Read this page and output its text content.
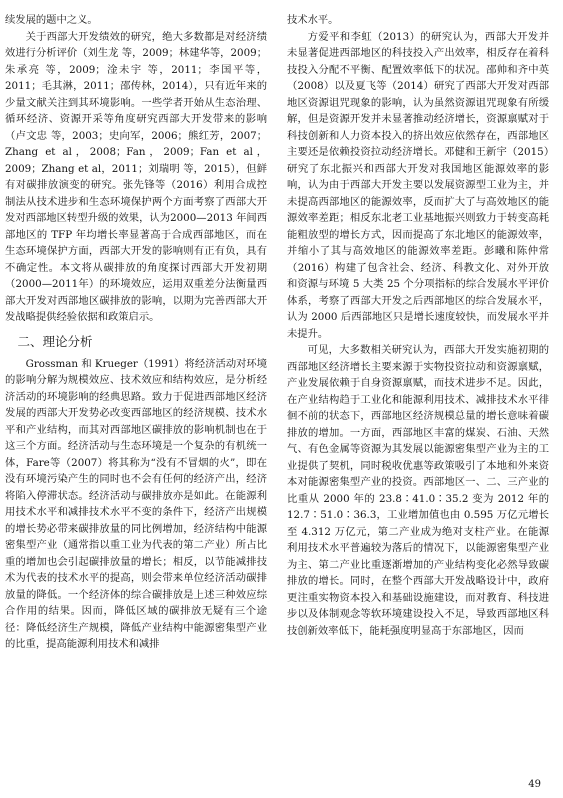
续发展的题中之义。

关于西部大开发绩效的研究，绝大多数都是对经济绩效进行分析评价（刘生龙 等，2009；林建华等，2009；朱承亮 等，2009；淦未宇 等，2011；李国平等，2011；毛其淋，2011；邵传林，2014），只有近年来的少量文献关注到其环境影响。一些学者开始从生态治理、循环经济、资源开采等角度研究西部大开发带来的影响（卢文忠 等，2003；史向军，2006；熊红芳，2007；Zhang et al，2008；Fan，2009；Fan et al，2009；Zhang et al，2011；刘瑞明 等，2015），但鲜有对碳排放演变的研究。张先锋等（2016）利用合成控制法从技术进步和生态环境保护两个方面考察了西部大开发对西部地区转型升级的效果，认为2000—2013 年间西部地区的 TFP 年均增长率显著高于合成西部地区，而在生态环境保护方面，西部大开发的影响则有正有负，具有不确定性。本文将从碳排放的角度探讨西部大开发初期（2000—2011年）的环境效应，运用双重差分法衡量西部大开发对西部地区碳排放的影响，以期为完善西部大开发战略提供经验依据和政策启示。

二、理论分析

Grossman 和 Krueger（1991）将经济活动对环境的影响分解为规模效应、技术效应和结构效应，是分析经济活动的环境影响的经典思路。致力于促进西部地区经济发展的西部大开发势必改变西部地区的经济规模、技术水平和产业结构，而其对西部地区碳排放的影响机制也在于这三个方面。经济活动与生态环境是一个复杂的有机统一体，Fare等（2007）将其称为“没有不冒烟的火”，即在没有环境污染产生的同时也不会有任何的经济产出，经济将陷入停滞状态。经济活动与碳排放亦是如此。在能源利用技术水平和减排技术水平不变的条件下，经济产出规模的增长势必带来碳排放量的同比例增加，经济结构中能源密集型产业（通常指以重工业为代表的第二产业）所占比重的增加也会引起碳排放量的增长；相反，以节能减排技术为代表的技术水平的提高，则会带来单位经济活动碳排放量的降低。一个经济体的综合碳排放是上述三种效应综合作用的结果。因而，降低区域的碳排放无疑有三个途径：降低经济生产规模，降低产业结构中能源密集型产业的比重，提高能源利用技术和减排

技术水平。

方爱平和李虹（2013）的研究认为，西部大开发并未显著促进西部地区的科技投入产出效率，相反存在着科技投入分配不平衡、配置效率低下的状况。邵帅和齐中英（2008）以及夏飞等（2014）研究了西部大开发对西部地区资源诅咒现象的影响，认为虽然资源诅咒现象有所缓解，但是资源开发并未显著推动经济增长，资源禀赋对于科技创新和人力资本投入的挤出效应依然存在，西部地区主要还是依赖投资拉动经济增长。邓健和王新宇（2015）研究了东北振兴和西部大开发对我国地区能源效率的影响，认为由于西部大开发主要以发展资源型工业为主，并未提高西部地区的能源效率，反而扩大了与高效地区的能源效率差距；相反东北老工业基地振兴则致力于转变高耗能粗放型的增长方式，因而提高了东北地区的能源效率，并缩小了其与高效地区的能源效率差距。彭曦和陈仲常（2016）构建了包含社会、经济、科教文化、对外开放和资源与环境 5 大类 25 个分项指标的综合发展水平评价体系，考察了西部大开发之后西部地区的综合发展水平，认为 2000 后西部地区只是增长速度较快，而发展水平并未提升。

可见，大多数相关研究认为，西部大开发实施初期的西部地区经济增长主要来源于实物投资拉动和资源禀赋，产业发展依赖于自身资源禀赋，而技术进步不足。因此，在产业结构趋于工业化和能源利用技术、减排技术水平徘徊不前的状态下，西部地区经济规模总量的增长意味着碳排放的增加。一方面，西部地区丰富的煤炭、石油、天然气、有色金属等资源为其发展以能源密集型产业为主的工业提供了契机，同时税收优惠等政策吸引了本地和外来资本对能源密集型产业的投资。西部地区一、二、三产业的比重从 2000 年的 23.8∶41.0∶35.2 变为 2012 年的 12.7∶51.0∶36.3，工业增加值也由 0.595 万亿元增长至 4.312 万亿元，第二产业成为绝对支柱产业。在能源利用技术水平普遍较为落后的情况下，以能源密集型产业为主、第二产业比重逐渐增加的产业结构变化必然导致碳排放的增长。同时，在整个西部大开发战略设计中，政府更注重实物资本投入和基础设施建设，而对教育、科技进步以及体制观念等软环境建设投入不足，导致西部地区科技创新效率低下，能耗强度明显高于东部地区，因而

49
